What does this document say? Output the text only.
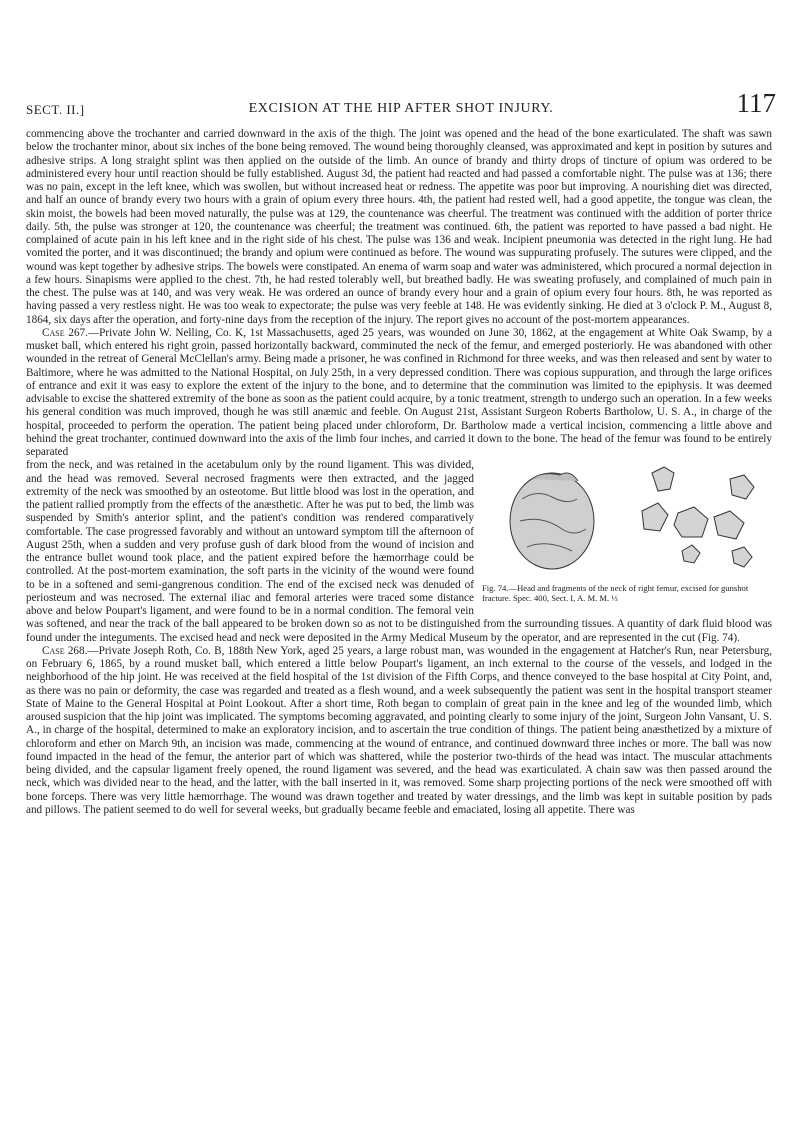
SECT. II.]	EXCISION AT THE HIP AFTER SHOT INJURY.	117

commencing above the trochanter and carried downward in the axis of the thigh. The joint was opened and the head of the bone exarticulated. The shaft was sawn below the trochanter minor, about six inches of the bone being removed. The wound being thoroughly cleansed, was approximated and kept in position by sutures and adhesive strips. A long straight splint was then applied on the outside of the limb. An ounce of brandy and thirty drops of tincture of opium was ordered to be administered every hour until reaction should be fully established. August 3d, the patient had reacted and had passed a comfortable night. The pulse was at 136; there was no pain, except in the left knee, which was swollen, but without increased heat or redness. The appetite was poor but improving. A nourishing diet was directed, and half an ounce of brandy every two hours with a grain of opium every three hours. 4th, the patient had rested well, had a good appetite, the tongue was clean, the skin moist, the bowels had been moved naturally, the pulse was at 129, the countenance was cheerful. The treatment was continued with the addition of porter thrice daily. 5th, the pulse was stronger at 120, the countenance was cheerful; the treatment was continued. 6th, the patient was reported to have passed a bad night. He complained of acute pain in his left knee and in the right side of his chest. The pulse was 136 and weak. Incipient pneumonia was detected in the right lung. He had vomited the porter, and it was discontinued; the brandy and opium were continued as before. The wound was suppurating profusely. The sutures were clipped, and the wound was kept together by adhesive strips. The bowels were constipated. An enema of warm soap and water was administered, which procured a normal dejection in a few hours. Sinapisms were applied to the chest. 7th, he had rested tolerably well, but breathed badly. He was sweating profusely, and complained of much pain in the chest. The pulse was at 140, and was very weak. He was ordered an ounce of brandy every hour and a grain of opium every four hours. 8th, he was reported as having passed a very restless night. He was too weak to expectorate; the pulse was very feeble at 148. He was evidently sinking. He died at 3 o'clock P. M., August 8, 1864, six days after the operation, and forty-nine days from the reception of the injury. The report gives no account of the post-mortem appearances.

Case 267.—Private John W. Nelling, Co. K, 1st Massachusetts, aged 25 years, was wounded on June 30, 1862, at the engagement at White Oak Swamp, by a musket ball, which entered his right groin, passed horizontally backward, comminuted the neck of the femur, and emerged posteriorly. He was abandoned with other wounded in the retreat of General McClellan's army. Being made a prisoner, he was confined in Richmond for three weeks, and was then released and sent by water to Baltimore, where he was admitted to the National Hospital, on July 25th, in a very depressed condition. There was copious suppuration, and through the large orifices of entrance and exit it was easy to explore the extent of the injury to the bone, and to determine that the comminution was limited to the epiphysis. It was deemed advisable to excise the shattered extremity of the bone as soon as the patient could acquire, by a tonic treatment, strength to undergo such an operation. In a few weeks his general condition was much improved, though he was still anæmic and feeble. On August 21st, Assistant Surgeon Roberts Bartholow, U. S. A., in charge of the hospital, proceeded to perform the operation. The patient being placed under chloroform, Dr. Bartholow made a vertical incision, commencing a little above and behind the great trochanter, continued downward into the axis of the limb four inches, and carried it down to the bone. The head of the femur was found to be entirely separated

Fig. 74.—Head and fragments of the neck of right femur, excised for gunshot fracture. Spec. 400, Sect. I, A. M. M. ⅓
from the neck, and was retained in the acetabulum only by the round ligament. This was divided, and the head was removed. Several necrosed fragments were then extracted, and the jagged extremity of the neck was smoothed by an osteotome. But little blood was lost in the operation, and the patient rallied promptly from the effects of the anæsthetic. After he was put to bed, the limb was suspended by Smith's anterior splint, and the patient's condition was rendered comparatively comfortable. The case progressed favorably and without an untoward symptom till the afternoon of August 25th, when a sudden and very profuse gush of dark blood from the wound of incision and the entrance bullet wound took place, and the patient expired before the hæmorrhage could be controlled. At the post-mortem examination, the soft parts in the vicinity of the wound were found to be in a softened and semi-gangrenous condition. The end of the excised neck was denuded of periosteum and was necrosed. The external iliac and femoral arteries were traced some distance above and below Poupart's ligament, and were found to be in a normal condition. The femoral vein was softened, and near the track of the ball appeared to be broken down so as not to be distinguished from the surrounding tissues. A quantity of dark fluid blood was found under the integuments. The excised head and neck were deposited in the Army Medical Museum by the operator, and are represented in the cut (Fig. 74).

Case 268.—Private Joseph Roth, Co. B, 188th New York, aged 25 years, a large robust man, was wounded in the engagement at Hatcher's Run, near Petersburg, on February 6, 1865, by a round musket ball, which entered a little below Poupart's ligament, an inch external to the course of the vessels, and lodged in the neighborhood of the hip joint. He was received at the field hospital of the 1st division of the Fifth Corps, and thence conveyed to the base hospital at City Point, and, as there was no pain or deformity, the case was regarded and treated as a flesh wound, and a week subsequently the patient was sent in the hospital transport steamer State of Maine to the General Hospital at Point Lookout. After a short time, Roth began to complain of great pain in the knee and leg of the wounded limb, which aroused suspicion that the hip joint was implicated. The symptoms becoming aggravated, and pointing clearly to some injury of the joint, Surgeon John Vansant, U. S. A., in charge of the hospital, determined to make an exploratory incision, and to ascertain the true condition of things. The patient being anæsthetized by a mixture of chloroform and ether on March 9th, an incision was made, commencing at the wound of entrance, and continued downward three inches or more. The ball was now found impacted in the head of the femur, the anterior part of which was shattered, while the posterior two-thirds of the head was intact. The muscular attachments being divided, and the capsular ligament freely opened, the round ligament was severed, and the head was exarticulated. A chain saw was then passed around the neck, which was divided near to the head, and the latter, with the ball inserted in it, was removed. Some sharp projecting portions of the neck were smoothed off with bone forceps. There was very little hæmorrhage. The wound was drawn together and treated by water dressings, and the limb was kept in suitable position by pads and pillows. The patient seemed to do well for several weeks, but gradually became feeble and emaciated, losing all appetite. There was
